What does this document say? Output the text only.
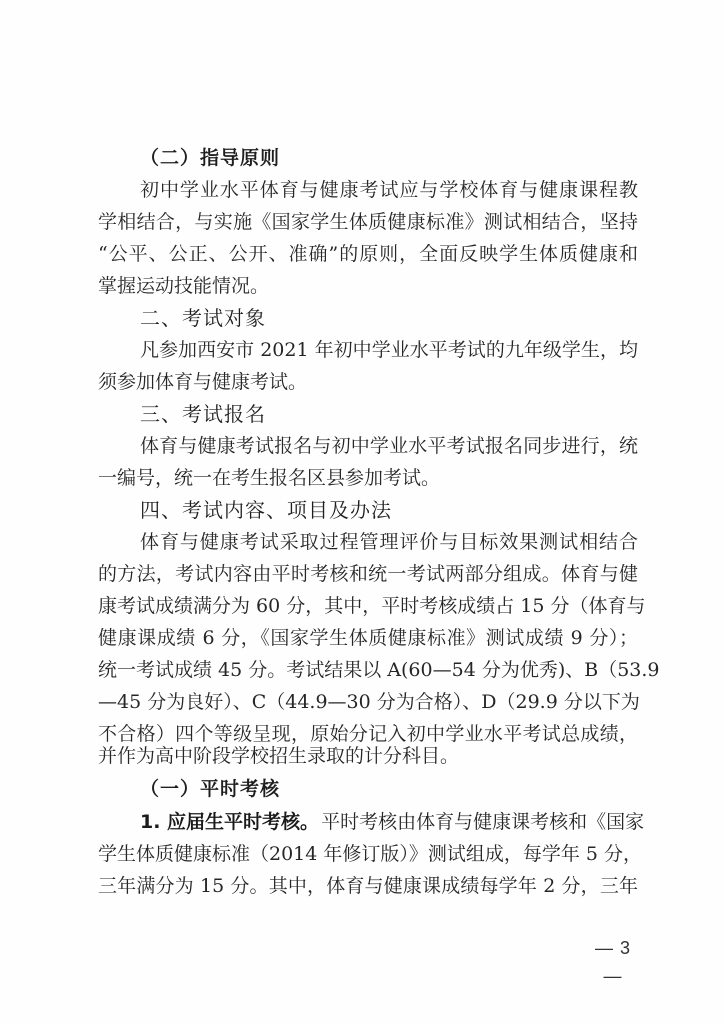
（二）指导原则
初中学业水平体育与健康考试应与学校体育与健康课程教
学相结合，与实施《国家学生体质健康标准》测试相结合，坚持
“公平、公正、公开、准确”的原则，全面反映学生体质健康和
掌握运动技能情况。
二、考试对象
凡参加西安市 2021 年初中学业水平考试的九年级学生，均
须参加体育与健康考试。
三、考试报名
体育与健康考试报名与初中学业水平考试报名同步进行，统
一编号，统一在考生报名区县参加考试。
四、考试内容、项目及办法
体育与健康考试采取过程管理评价与目标效果测试相结合
的方法，考试内容由平时考核和统一考试两部分组成。体育与健
康考试成绩满分为 60 分，其中，平时考核成绩占 15 分（体育与
健康课成绩 6 分，《国家学生体质健康标准》测试成绩 9 分）；
统一考试成绩 45 分。考试结果以 A(60—54 分为优秀)、B（53.9
—45 分为良好）、C（44.9—30 分为合格）、D（29.9 分以下为
不合格）四个等级呈现，原始分记入初中学业水平考试总成绩，
并作为高中阶段学校招生录取的计分科目。
（一）平时考核
1. 应届生平时考核。 平时考核由体育与健康课考核和《国家
学生体质健康标准（2014 年修订版）》测试组成，每学年 5 分，
三年满分为 15 分。其中，体育与健康课成绩每学年 2 分，三年
— 3 —
